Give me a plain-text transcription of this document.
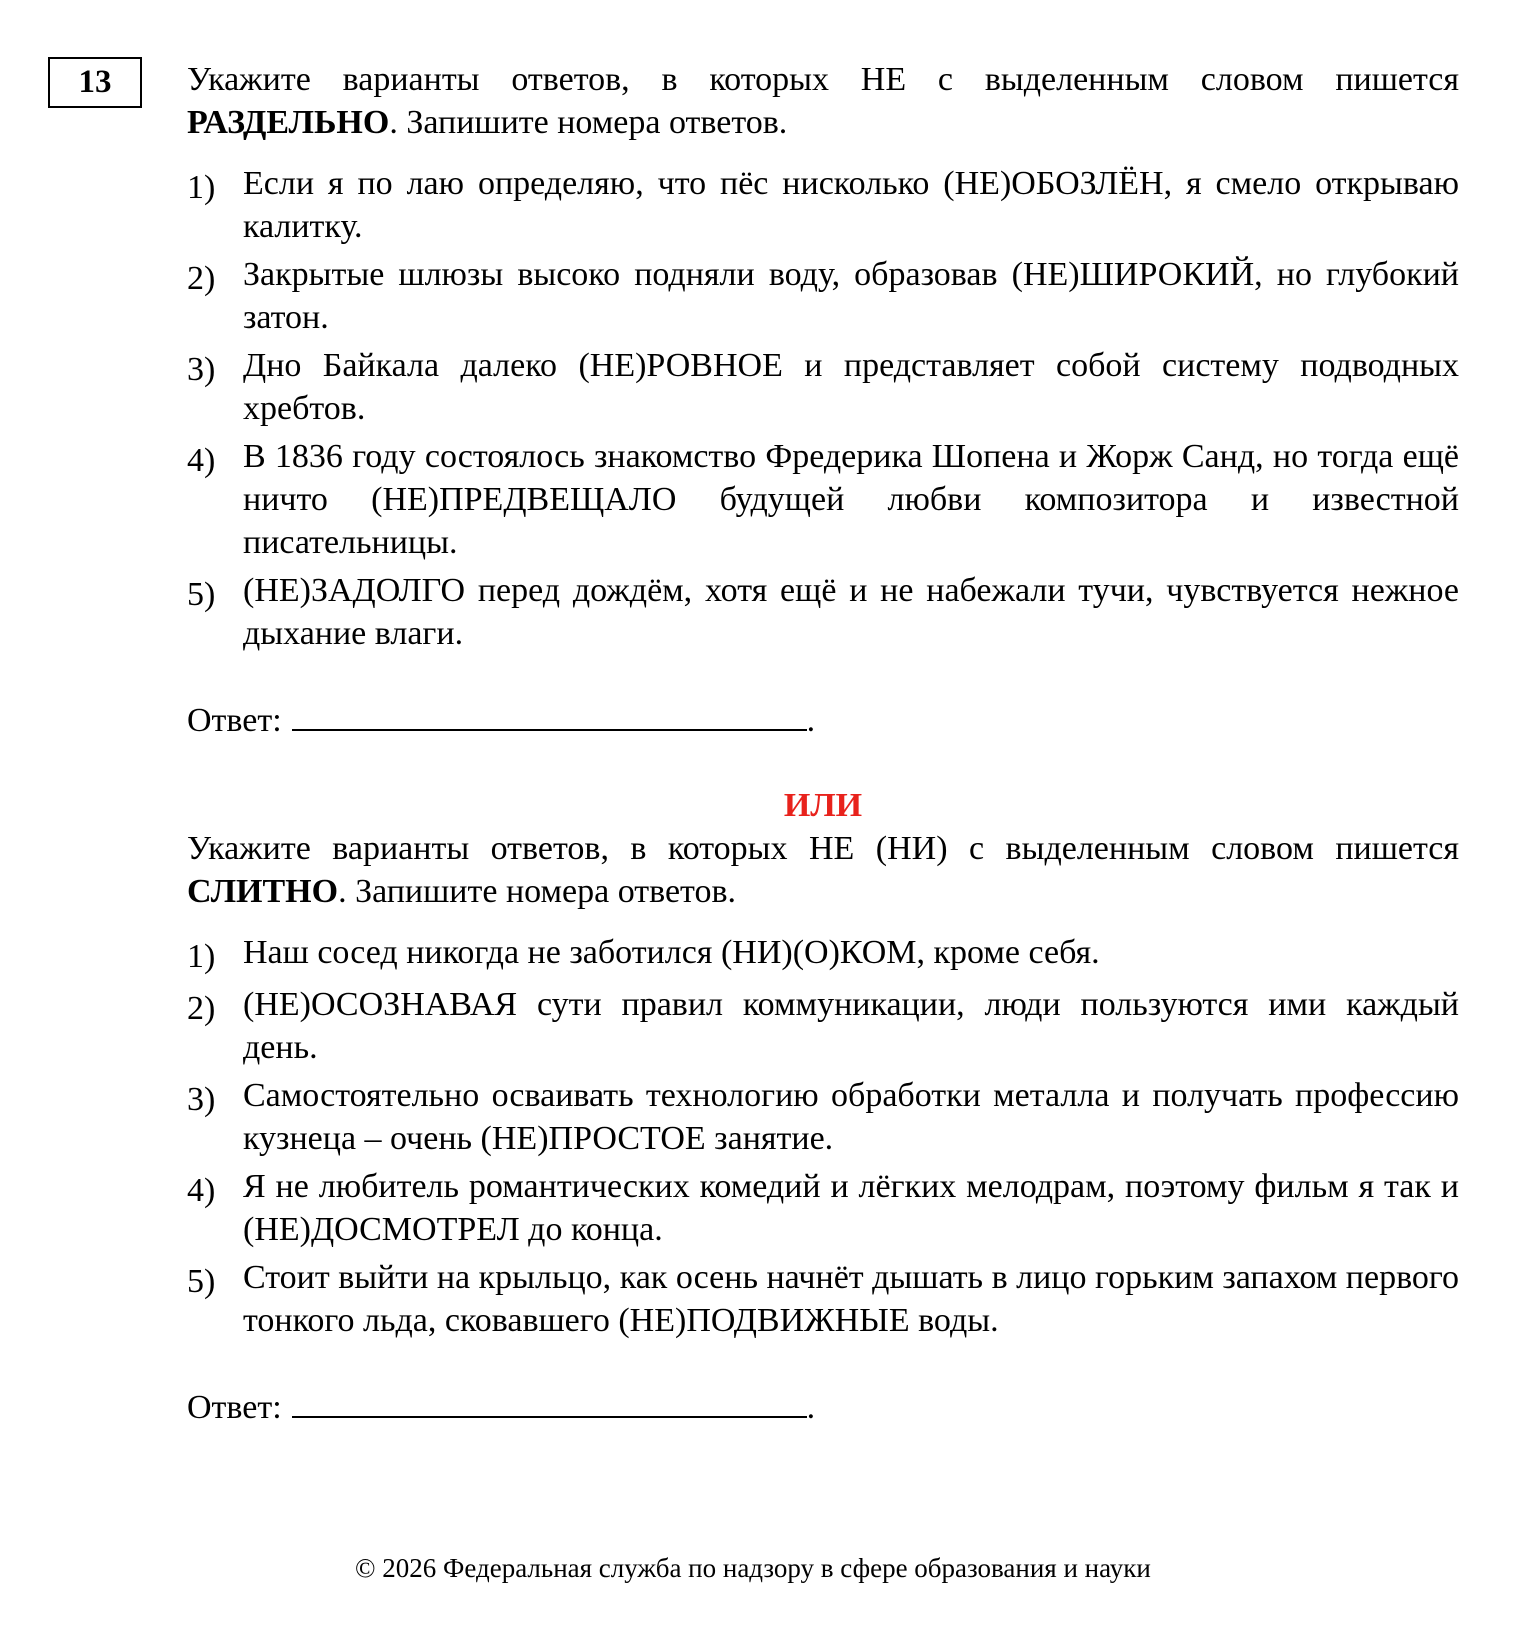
13	Укажите варианты ответов, в которых НЕ с выделенным словом пишется РАЗДЕЛЬНО. Запишите номера ответов.

1) Если я по лаю определяю, что пёс нисколько (НЕ)ОБОЗЛЁН, я смело открываю калитку.
2) Закрытые шлюзы высоко подняли воду, образовав (НЕ)ШИРОКИЙ, но глубокий затон.
3) Дно Байкала далеко (НЕ)РОВНОЕ и представляет собой систему подводных хребтов.
4) В 1836 году состоялось знакомство Фредерика Шопена и Жорж Санд, но тогда ещё ничто (НЕ)ПРЕДВЕЩАЛО будущей любви композитора и известной писательницы.
5) (НЕ)ЗАДОЛГО перед дождём, хотя ещё и не набежали тучи, чувствуется нежное дыхание влаги.
Ответ:	.
ИЛИ

Укажите варианты ответов, в которых НЕ (НИ) с выделенным словом пишется СЛИТНО. Запишите номера ответов.

1) Наш сосед никогда не заботился (НИ)(О)КОМ, кроме себя.
2) (НЕ)ОСОЗНАВАЯ сути правил коммуникации, люди пользуются ими каждый день.
3) Самостоятельно осваивать технологию обработки металла и получать профессию кузнеца – очень (НЕ)ПРОСТОЕ занятие.
4) Я не любитель романтических комедий и лёгких мелодрам, поэтому фильм я так и (НЕ)ДОСМОТРЕЛ до конца.
5) Стоит выйти на крыльцо, как осень начнёт дышать в лицо горьким запахом первого тонкого льда, сковавшего (НЕ)ПОДВИЖНЫЕ воды.
Ответ:	.
© 2026 Федеральная служба по надзору в сфере образования и науки
